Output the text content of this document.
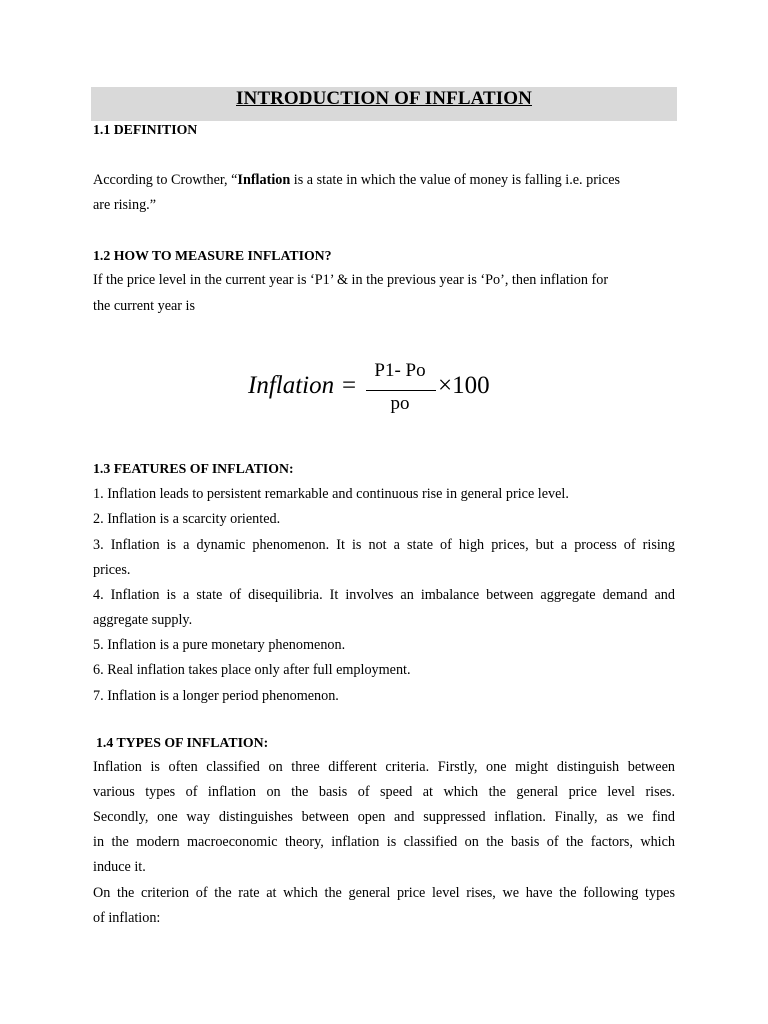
INTRODUCTION OF INFLATION
1.1 DEFINITION
According to Crowther, “Inflation is a state in which the value of money is falling i.e. prices
are rising.”
1.2 HOW TO MEASURE INFLATION?
If the price level in the current year is ‘P1’ & in the previous year is ‘Po’, then inflation for
the current year is
Inflation =
P1- Po
po
×100
1.3 FEATURES OF INFLATION:
1. Inflation leads to persistent remarkable and continuous rise in general price level.
2. Inflation is a scarcity oriented.
3. Inflation is a dynamic phenomenon. It is not a state of high prices, but a process of rising
prices.
4. Inflation is a state of disequilibria. It involves an imbalance between aggregate demand and
aggregate supply.
5. Inflation is a pure monetary phenomenon.
6. Real inflation takes place only after full employment.
7. Inflation is a longer period phenomenon.
1.4 TYPES OF INFLATION:
Inflation is often classified on three different criteria. Firstly, one might distinguish between
various types of inflation on the basis of speed at which the general price level rises.
Secondly, one way distinguishes between open and suppressed inflation. Finally, as we find
in the modern macroeconomic theory, inflation is classified on the basis of the factors, which
induce it.
On the criterion of the rate at which the general price level rises, we have the following types
of inflation:
